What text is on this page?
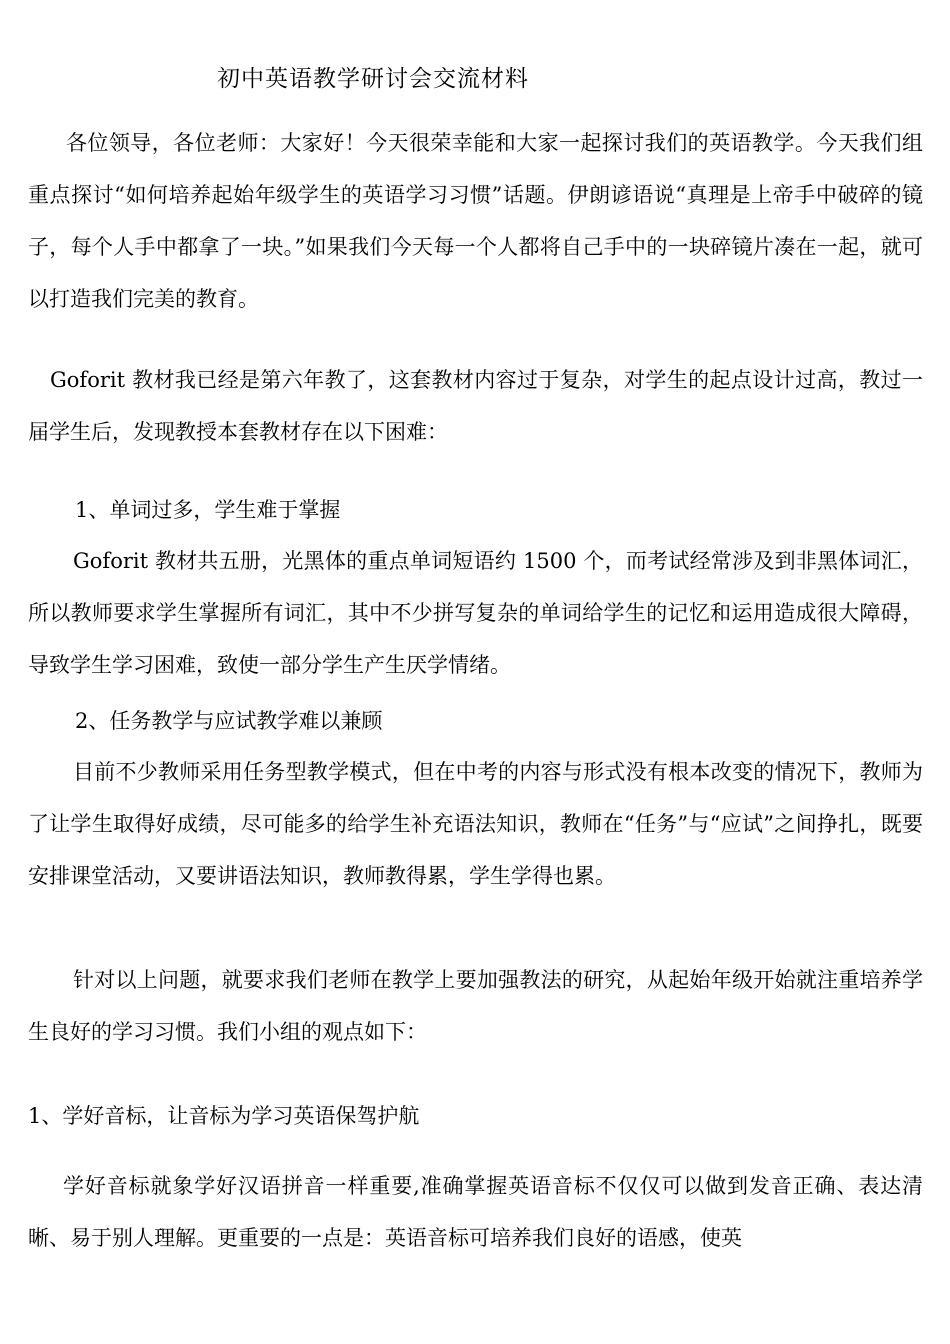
初中英语教学研讨会交流材料
各位领导，各位老师：大家好！今天很荣幸能和大家一起探讨我们的英语教学。今天我们组重点探讨“如何培养起始年级学生的英语学习习惯”话题。伊朗谚语说“真理是上帝手中破碎的镜子，每个人手中都拿了一块。”如果我们今天每一个人都将自己手中的一块碎镜片凑在一起，就可以打造我们完美的教育。
Goforit 教材我已经是第六年教了，这套教材内容过于复杂，对学生的起点设计过高，教过一届学生后，发现教授本套教材存在以下困难：
1、单词过多，学生难于掌握
Goforit 教材共五册，光黑体的重点单词短语约 1500 个，而考试经常涉及到非黑体词汇，所以教师要求学生掌握所有词汇，其中不少拼写复杂的单词给学生的记忆和运用造成很大障碍，导致学生学习困难，致使一部分学生产生厌学情绪。
2、任务教学与应试教学难以兼顾
目前不少教师采用任务型教学模式，但在中考的内容与形式没有根本改变的情况下，教师为了让学生取得好成绩，尽可能多的给学生补充语法知识，教师在“任务”与“应试”之间挣扎，既要安排课堂活动，又要讲语法知识，教师教得累，学生学得也累。
针对以上问题，就要求我们老师在教学上要加强教法的研究，从起始年级开始就注重培养学生良好的学习习惯。我们小组的观点如下：
1、学好音标，让音标为学习英语保驾护航
学好音标就象学好汉语拼音一样重要,准确掌握英语音标不仅仅可以做到发音正确、表达清晰、易于别人理解。更重要的一点是：英语音标可培养我们良好的语感，使英
